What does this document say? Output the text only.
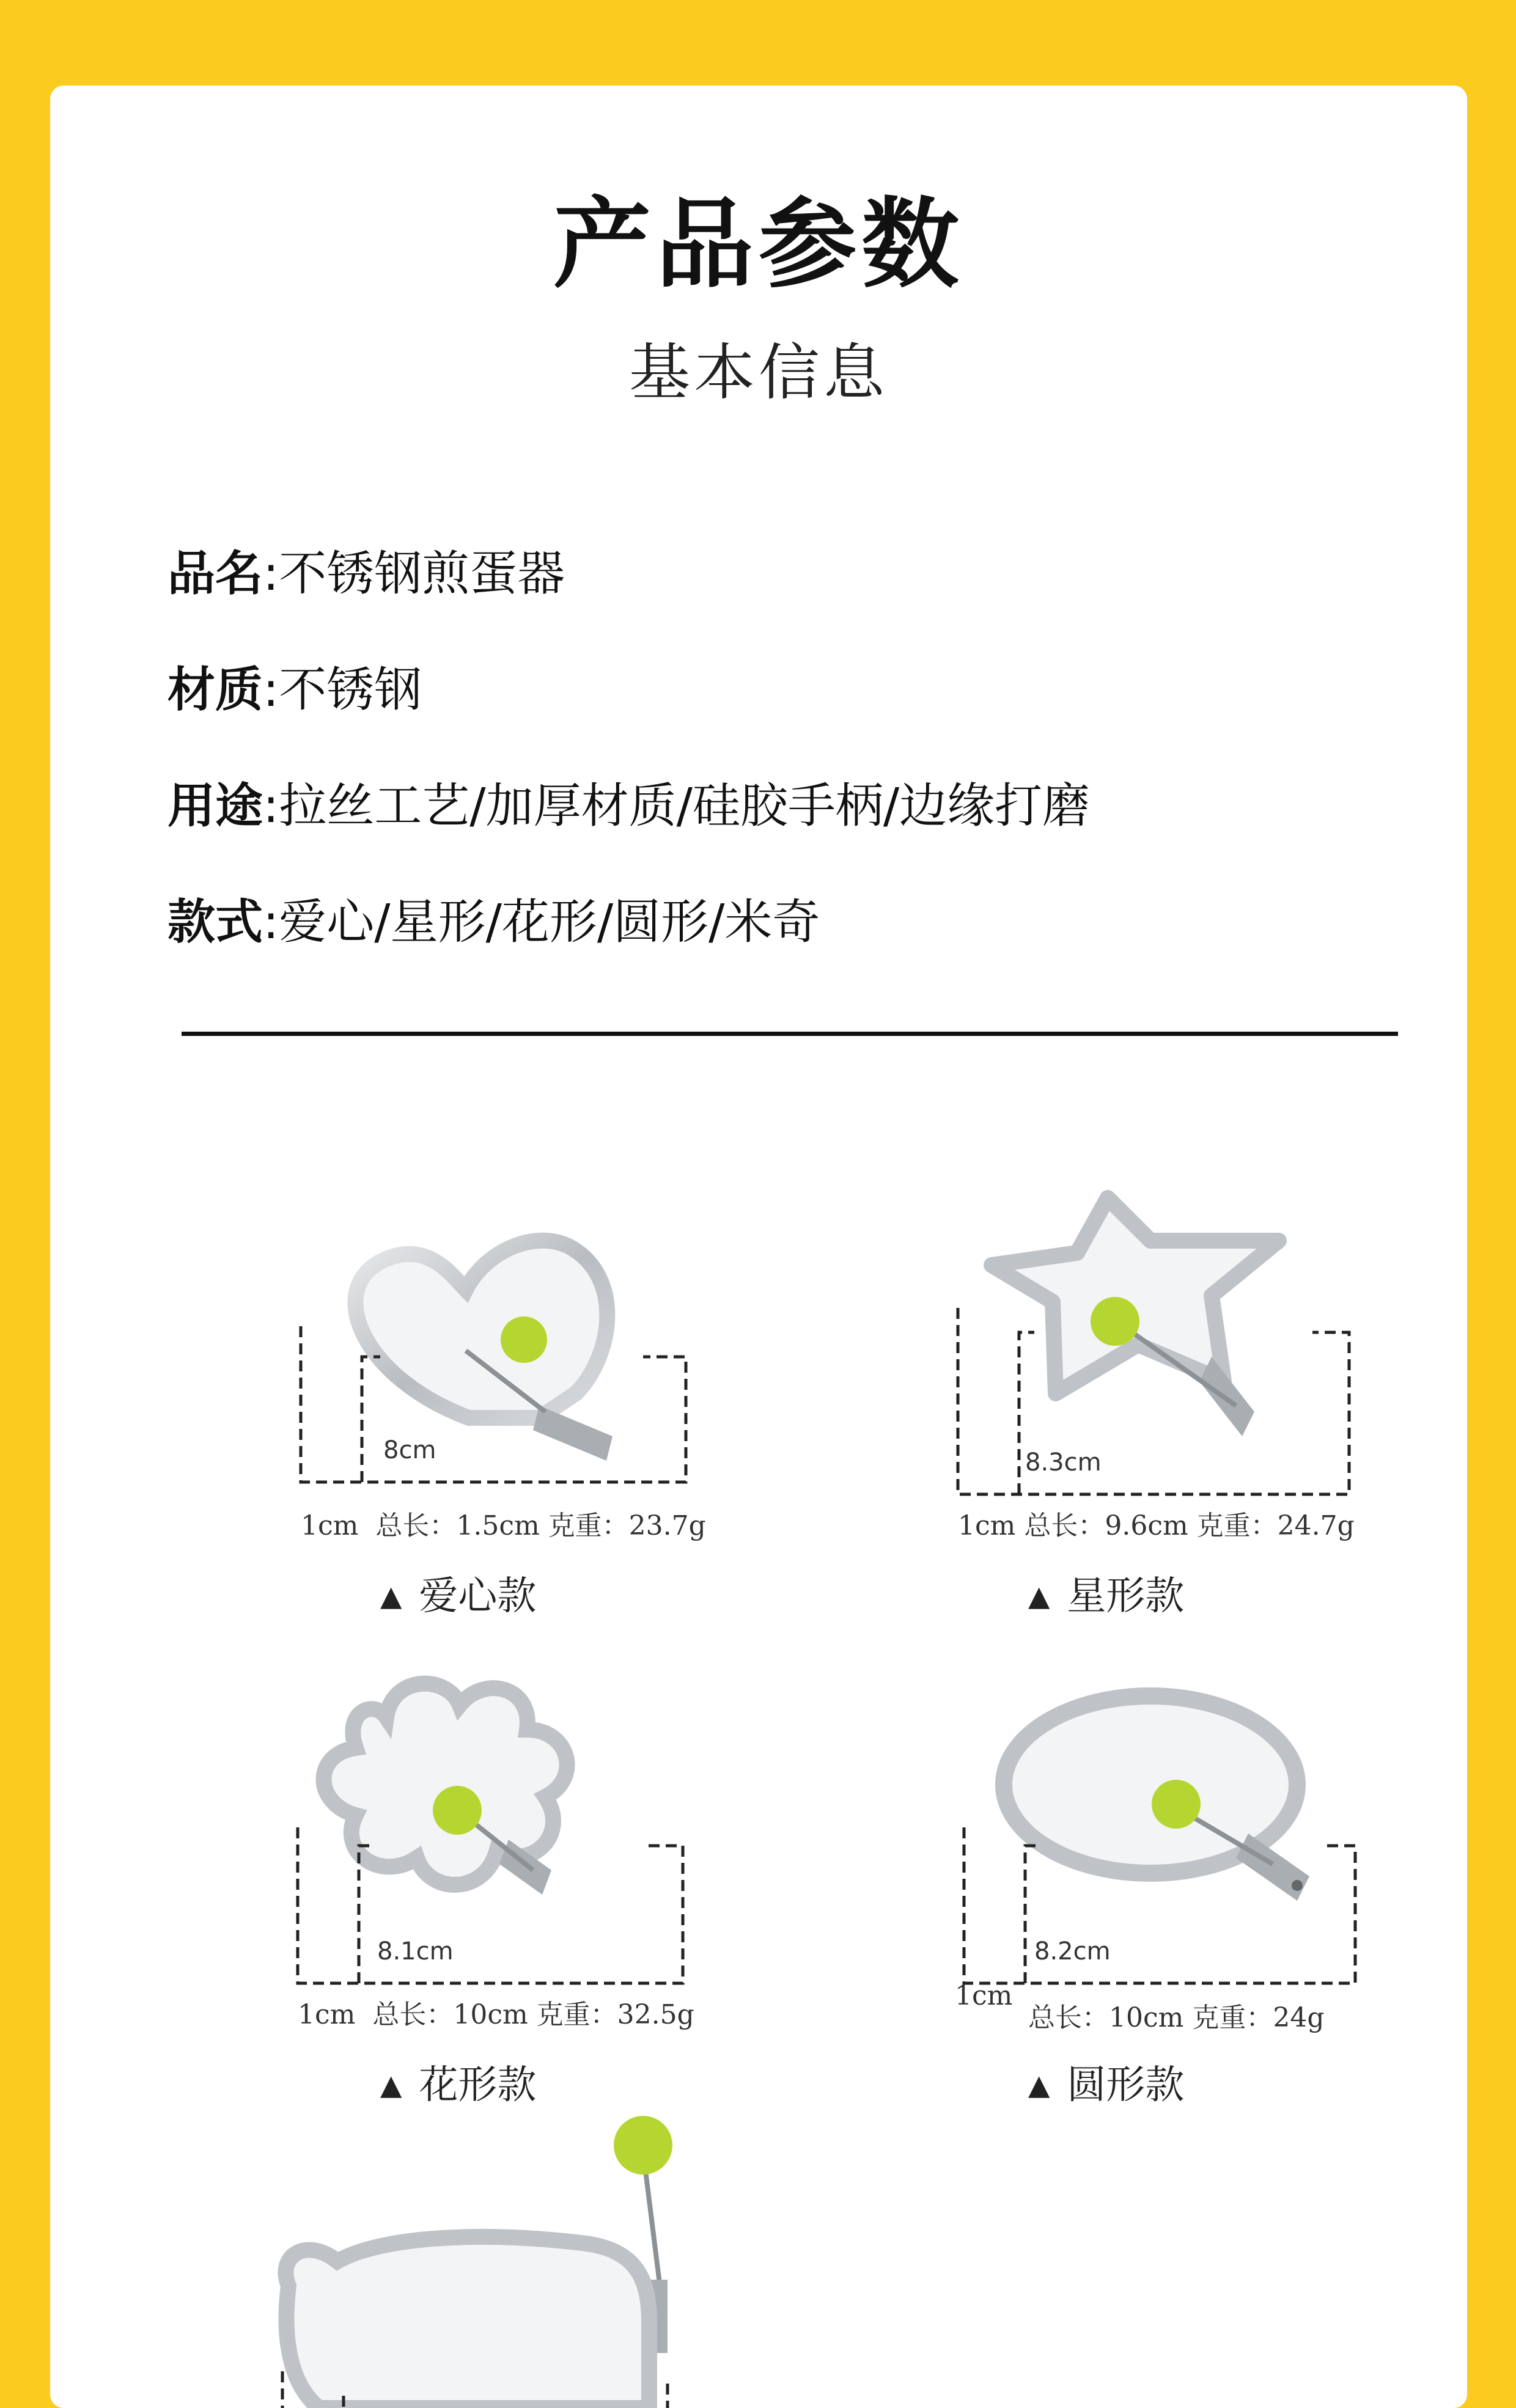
产品参数
基本信息
品名:不锈钢煎蛋器
材质:不锈钢
用途:拉丝工艺/加厚材质/硅胶手柄/边缘打磨
款式:爱心/星形/花形/圆形/米奇
8cm
1cm 总长：1.5cm 克重：23.7g
▲ 爱心款
8.3cm
1cm 总长：9.6cm 克重：24.7g
▲ 星形款
8.1cm
1cm 总长：10cm 克重：32.5g
▲ 花形款
8.2cm
1cm
总长：10cm 克重：24g
▲ 圆形款
